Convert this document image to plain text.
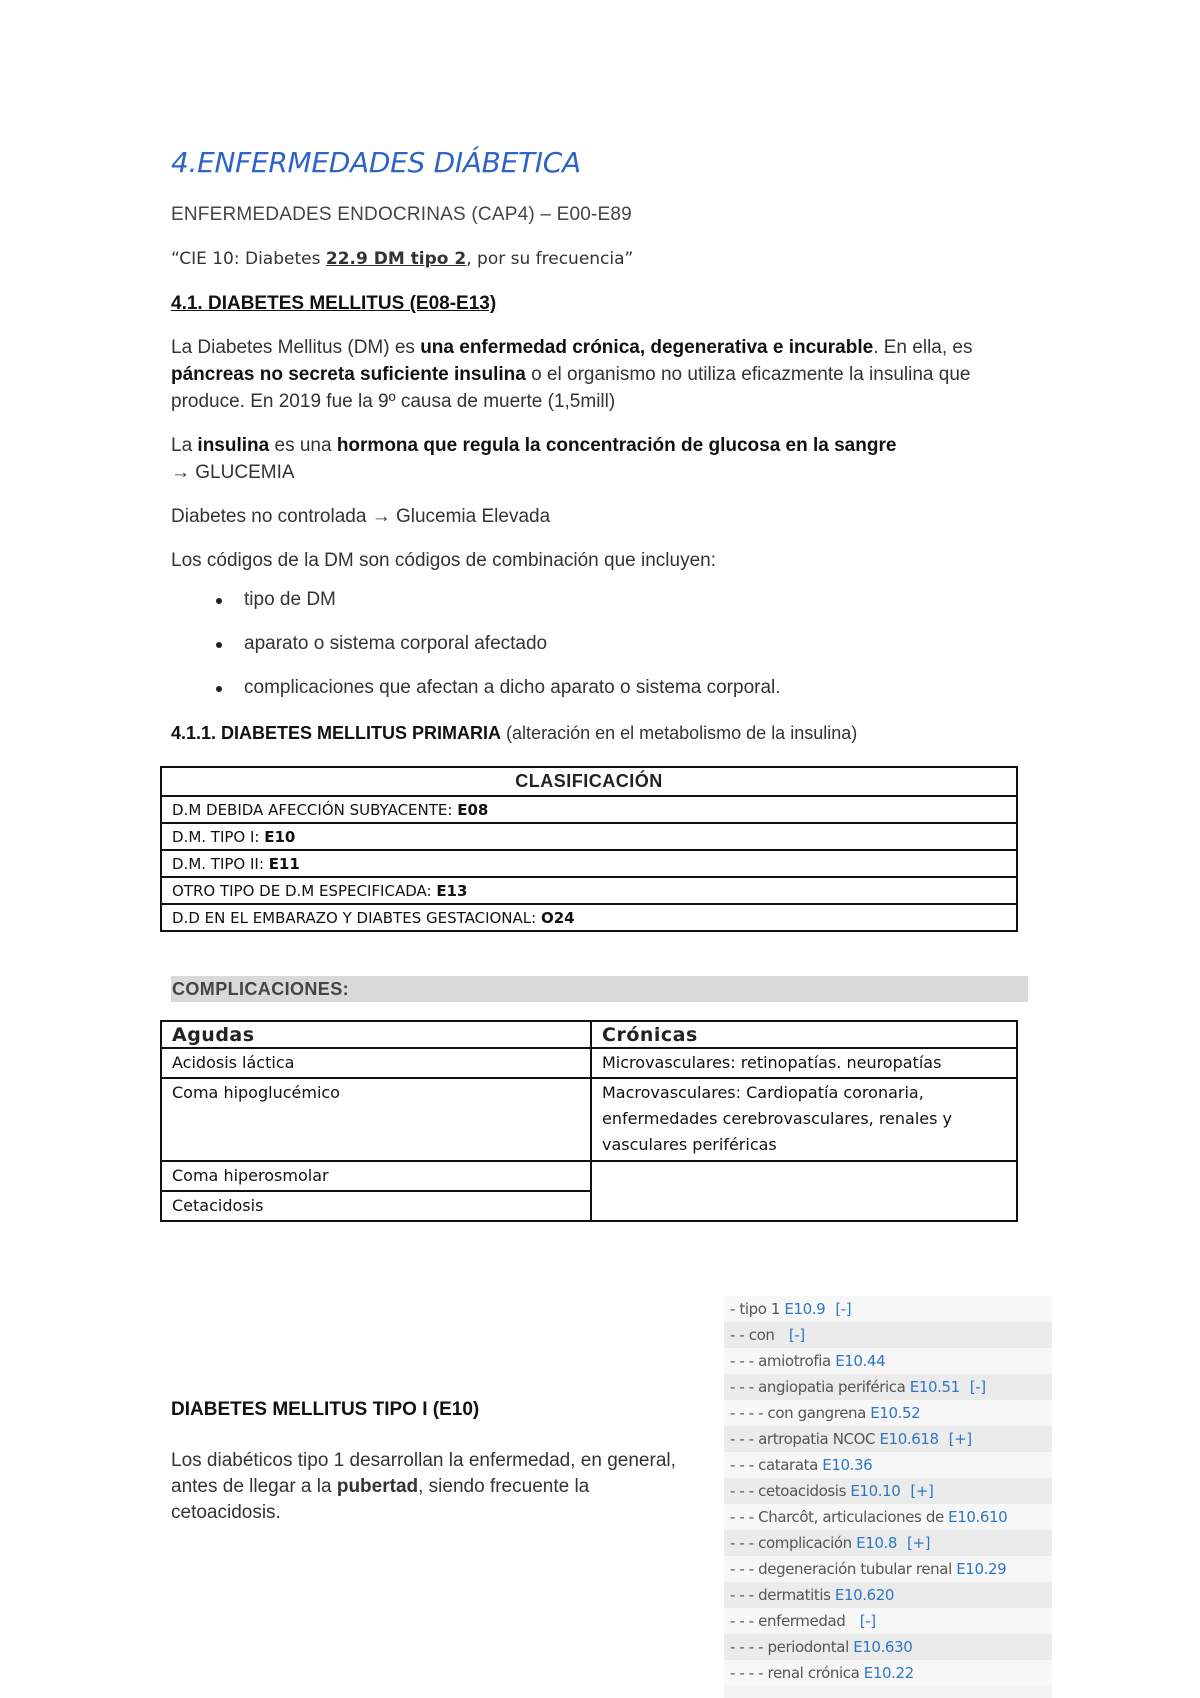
4.ENFERMEDADES DIÁBETICA
ENFERMEDADES ENDOCRINAS (CAP4) – E00-E89
“CIE 10: Diabetes 22.9 DM tipo 2, por su frecuencia”
4.1. DIABETES MELLITUS (E08-E13)
La Diabetes Mellitus (DM) es una enfermedad crónica, degenerativa e incurable. En ella, es páncreas no secreta suficiente insulina o el organismo no utiliza eficazmente la insulina que produce. En 2019 fue la 9º causa de muerte (1,5mill)
La insulina es una hormona que regula la concentración de glucosa en la sangre
→ GLUCEMIA
Diabetes no controlada → Glucemia Elevada
Los códigos de la DM son códigos de combinación que incluyen:
tipo de DM
aparato o sistema corporal afectado
complicaciones que afectan a dicho aparato o sistema corporal.
4.1.1. DIABETES MELLITUS PRIMARIA (alteración en el metabolismo de la insulina)
CLASIFICACIÓN
D.M DEBIDA AFECCIÓN SUBYACENTE: E08
D.M. TIPO I: E10
D.M. TIPO II: E11
OTRO TIPO DE D.M ESPECIFICADA: E13
D.D EN EL EMBARAZO Y DIABTES GESTACIONAL: O24
COMPLICACIONES:
Agudas	Crónicas
Acidosis láctica	Microvasculares: retinopatías. neuropatías
Coma hipoglucémico	Macrovasculares: Cardiopatía coronaria, enfermedades cerebrovasculares, renales y vasculares periféricas
Coma hiperosmolar	
Cetacidosis	
DIABETES MELLITUS TIPO I (E10)
Los diabéticos tipo 1 desarrollan la enfermedad, en general, antes de llegar a la pubertad, siendo frecuente la cetoacidosis.
- tipo 1 E10.9 [-]
- - con [-]
- - - amiotrofia E10.44
- - - angiopatia periférica E10.51 [-]
- - - - con gangrena E10.52
- - - artropatia NCOC E10.618 [+]
- - - catarata E10.36
- - - cetoacidosis E10.10 [+]
- - - Charcôt, articulaciones de E10.610
- - - complicación E10.8 [+]
- - - degeneración tubular renal E10.29
- - - dermatitis E10.620
- - - enfermedad [-]
- - - - periodontal E10.630
- - - - renal crónica E10.22
